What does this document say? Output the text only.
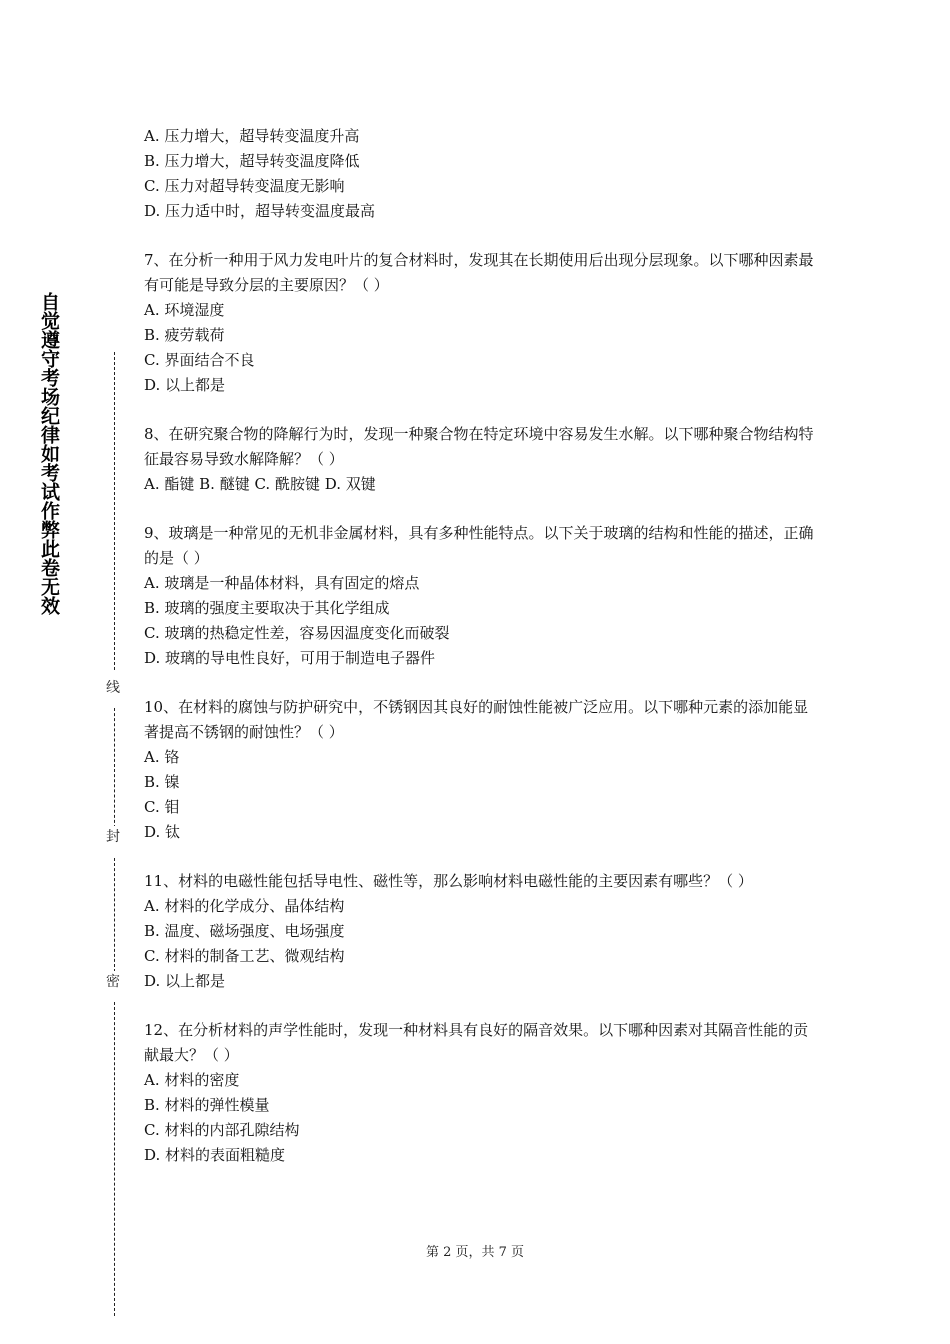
自觉遵守考场纪律如考试作弊此卷无效
线
封
密

A. 压力增大，超导转变温度升高

B. 压力增大，超导转变温度降低

C. 压力对超导转变温度无影响

D. 压力适中时，超导转变温度最高

7、在分析一种用于风力发电叶片的复合材料时，发现其在长期使用后出现分层现象。以下哪种因素最有可能是导致分层的主要原因？（ ）

A. 环境湿度

B. 疲劳载荷

C. 界面结合不良

D. 以上都是

8、在研究聚合物的降解行为时，发现一种聚合物在特定环境中容易发生水解。以下哪种聚合物结构特征最容易导致水解降解？（ ）

A. 酯键 B. 醚键 C. 酰胺键 D. 双键

9、玻璃是一种常见的无机非金属材料，具有多种性能特点。以下关于玻璃的结构和性能的描述，正确的是（ ）

A. 玻璃是一种晶体材料，具有固定的熔点

B. 玻璃的强度主要取决于其化学组成

C. 玻璃的热稳定性差，容易因温度变化而破裂

D. 玻璃的导电性良好，可用于制造电子器件

10、在材料的腐蚀与防护研究中，不锈钢因其良好的耐蚀性能被广泛应用。以下哪种元素的添加能显著提高不锈钢的耐蚀性？（ ）

A. 铬

B. 镍

C. 钼

D. 钛

11、材料的电磁性能包括导电性、磁性等，那么影响材料电磁性能的主要因素有哪些？（ ）

A. 材料的化学成分、晶体结构

B. 温度、磁场强度、电场强度

C. 材料的制备工艺、微观结构

D. 以上都是

12、在分析材料的声学性能时，发现一种材料具有良好的隔音效果。以下哪种因素对其隔音性能的贡献最大？（ ）

A. 材料的密度

B. 材料的弹性模量

C. 材料的内部孔隙结构

D. 材料的表面粗糙度

第 2 页，共 7 页
